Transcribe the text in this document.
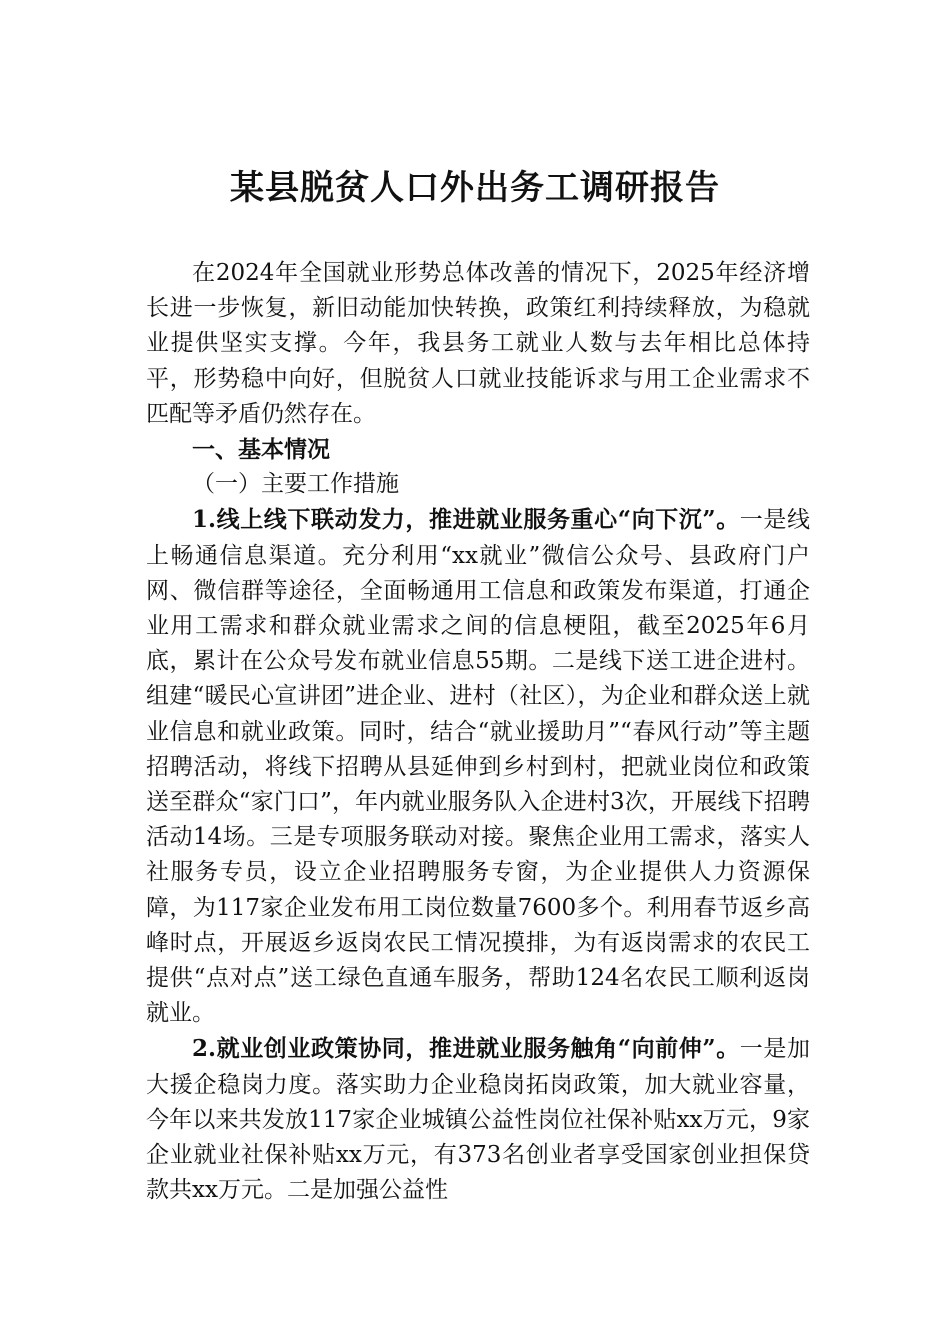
某县脱贫人口外出务工调研报告

在2024年全国就业形势总体改善的情况下，2025年经济增长进一步恢复，新旧动能加快转换，政策红利持续释放，为稳就业提供坚实支撑。今年，我县务工就业人数与去年相比总体持平，形势稳中向好，但脱贫人口就业技能诉求与用工企业需求不匹配等矛盾仍然存在。

一、基本情况

（一）主要工作措施

1.线上线下联动发力，推进就业服务重心“向下沉”。一是线上畅通信息渠道。充分利用“xx就业”微信公众号、县政府门户网、微信群等途径，全面畅通用工信息和政策发布渠道，打通企业用工需求和群众就业需求之间的信息梗阻，截至2025年6月底，累计在公众号发布就业信息55期。二是线下送工进企进村。组建“暖民心宣讲团”进企业、进村（社区），为企业和群众送上就业信息和就业政策。同时，结合“就业援助月”“春风行动”等主题招聘活动，将线下招聘从县延伸到乡村到村，把就业岗位和政策送至群众“家门口”，年内就业服务队入企进村3次，开展线下招聘活动14场。三是专项服务联动对接。聚焦企业用工需求，落实人社服务专员，设立企业招聘服务专窗，为企业提供人力资源保障，为117家企业发布用工岗位数量7600多个。利用春节返乡高峰时点，开展返乡返岗农民工情况摸排，为有返岗需求的农民工提供“点对点”送工绿色直通车服务，帮助124名农民工顺利返岗就业。

2.就业创业政策协同，推进就业服务触角“向前伸”。一是加大援企稳岗力度。落实助力企业稳岗拓岗政策，加大就业容量，今年以来共发放117家企业城镇公益性岗位社保补贴xx万元，9家企业就业社保补贴xx万元，有373名创业者享受国家创业担保贷款共xx万元。二是加强公益性
